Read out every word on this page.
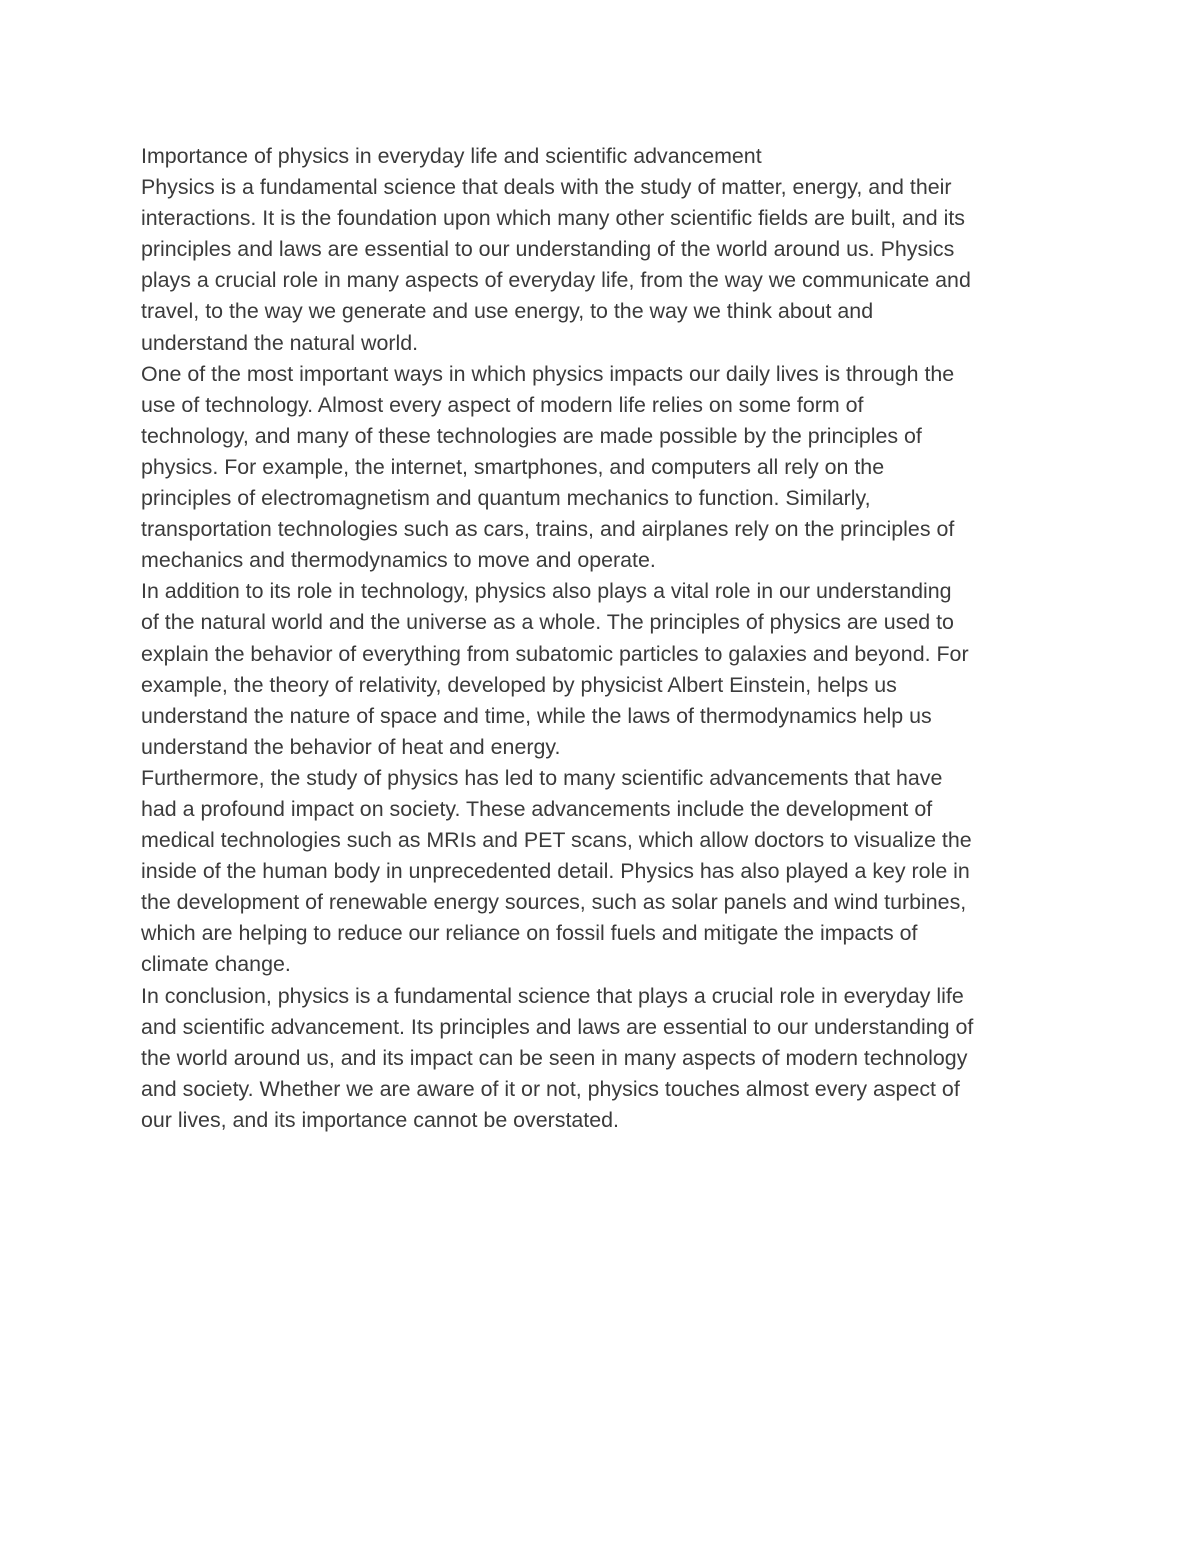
Importance of physics in everyday life and scientific advancement

Physics is a fundamental science that deals with the study of matter, energy, and their
interactions. It is the foundation upon which many other scientific fields are built, and its
principles and laws are essential to our understanding of the world around us. Physics
plays a crucial role in many aspects of everyday life, from the way we communicate and
travel, to the way we generate and use energy, to the way we think about and
understand the natural world.

One of the most important ways in which physics impacts our daily lives is through the
use of technology. Almost every aspect of modern life relies on some form of
technology, and many of these technologies are made possible by the principles of
physics. For example, the internet, smartphones, and computers all rely on the
principles of electromagnetism and quantum mechanics to function. Similarly,
transportation technologies such as cars, trains, and airplanes rely on the principles of
mechanics and thermodynamics to move and operate.

In addition to its role in technology, physics also plays a vital role in our understanding
of the natural world and the universe as a whole. The principles of physics are used to
explain the behavior of everything from subatomic particles to galaxies and beyond. For
example, the theory of relativity, developed by physicist Albert Einstein, helps us
understand the nature of space and time, while the laws of thermodynamics help us
understand the behavior of heat and energy.

Furthermore, the study of physics has led to many scientific advancements that have
had a profound impact on society. These advancements include the development of
medical technologies such as MRIs and PET scans, which allow doctors to visualize the
inside of the human body in unprecedented detail. Physics has also played a key role in
the development of renewable energy sources, such as solar panels and wind turbines,
which are helping to reduce our reliance on fossil fuels and mitigate the impacts of
climate change.

In conclusion, physics is a fundamental science that plays a crucial role in everyday life
and scientific advancement. Its principles and laws are essential to our understanding of
the world around us, and its impact can be seen in many aspects of modern technology
and society. Whether we are aware of it or not, physics touches almost every aspect of
our lives, and its importance cannot be overstated.
